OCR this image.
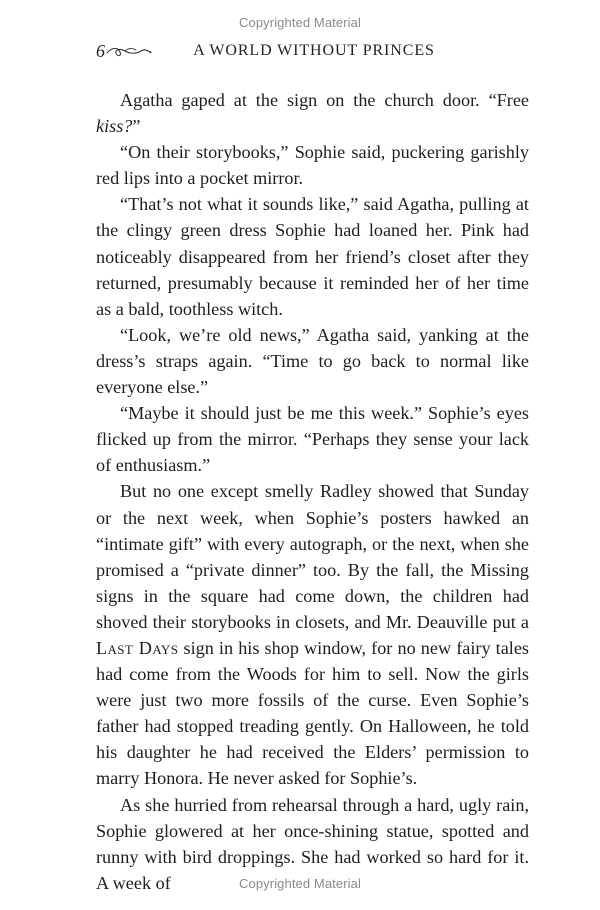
Copyrighted Material
6	A WORLD WITHOUT PRINCES

Agatha gaped at the sign on the church door. “Free kiss?”

“On their storybooks,” Sophie said, puckering garishly red lips into a pocket mirror.

“That’s not what it sounds like,” said Agatha, pulling at the clingy green dress Sophie had loaned her. Pink had noticeably disappeared from her friend’s closet after they returned, presumably because it reminded her of her time as a bald, toothless witch.

“Look, we’re old news,” Agatha said, yanking at the dress’s straps again. “Time to go back to normal like everyone else.”

“Maybe it should just be me this week.” Sophie’s eyes flicked up from the mirror. “Perhaps they sense your lack of enthusiasm.”

But no one except smelly Radley showed that Sunday or the next week, when Sophie’s posters hawked an “intimate gift” with every autograph, or the next, when she promised a “private dinner” too. By the fall, the Missing signs in the square had come down, the children had shoved their storybooks in closets, and Mr. Deauville put a Last Days sign in his shop window, for no new fairy tales had come from the Woods for him to sell. Now the girls were just two more fossils of the curse. Even Sophie’s father had stopped treading gently. On Halloween, he told his daughter he had received the Elders’ permission to marry Honora. He never asked for Sophie’s.

As she hurried from rehearsal through a hard, ugly rain, Sophie glowered at her once-shining statue, spotted and runny with bird droppings. She had worked so hard for it. A week of	Copyrighted Material
